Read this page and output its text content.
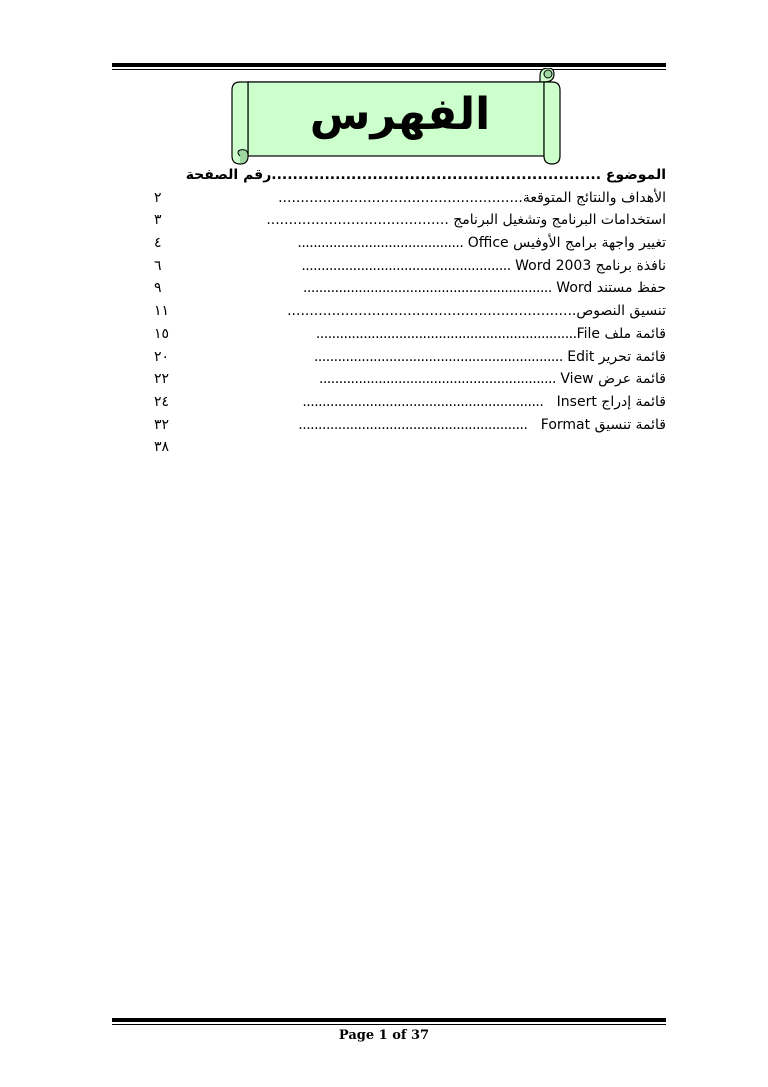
الفهرس
الموضوع ..............................................................رقم الصفحة
الأهداف والنتائج المتوقعة.......................................................
٢
استخدامات البرنامج وتشغيل البرنامج .........................................
٣
تغيير واجهة برامج الأوفيس Office ..........................................
٤
نافذة برنامج Word 2003 .....................................................
٦
حفظ مستند Word ...............................................................
٩
تنسيق النصوص.................................................................
١١
قائمة ملف File..................................................................
١٥
قائمة تحرير Edit ...............................................................
٢٠
قائمة عرض View ............................................................
٢٢
قائمة إدراج Insert   .............................................................
٢٤
قائمة تنسيق Format   ..........................................................
٣٢
٣٨
Page 1 of 37
